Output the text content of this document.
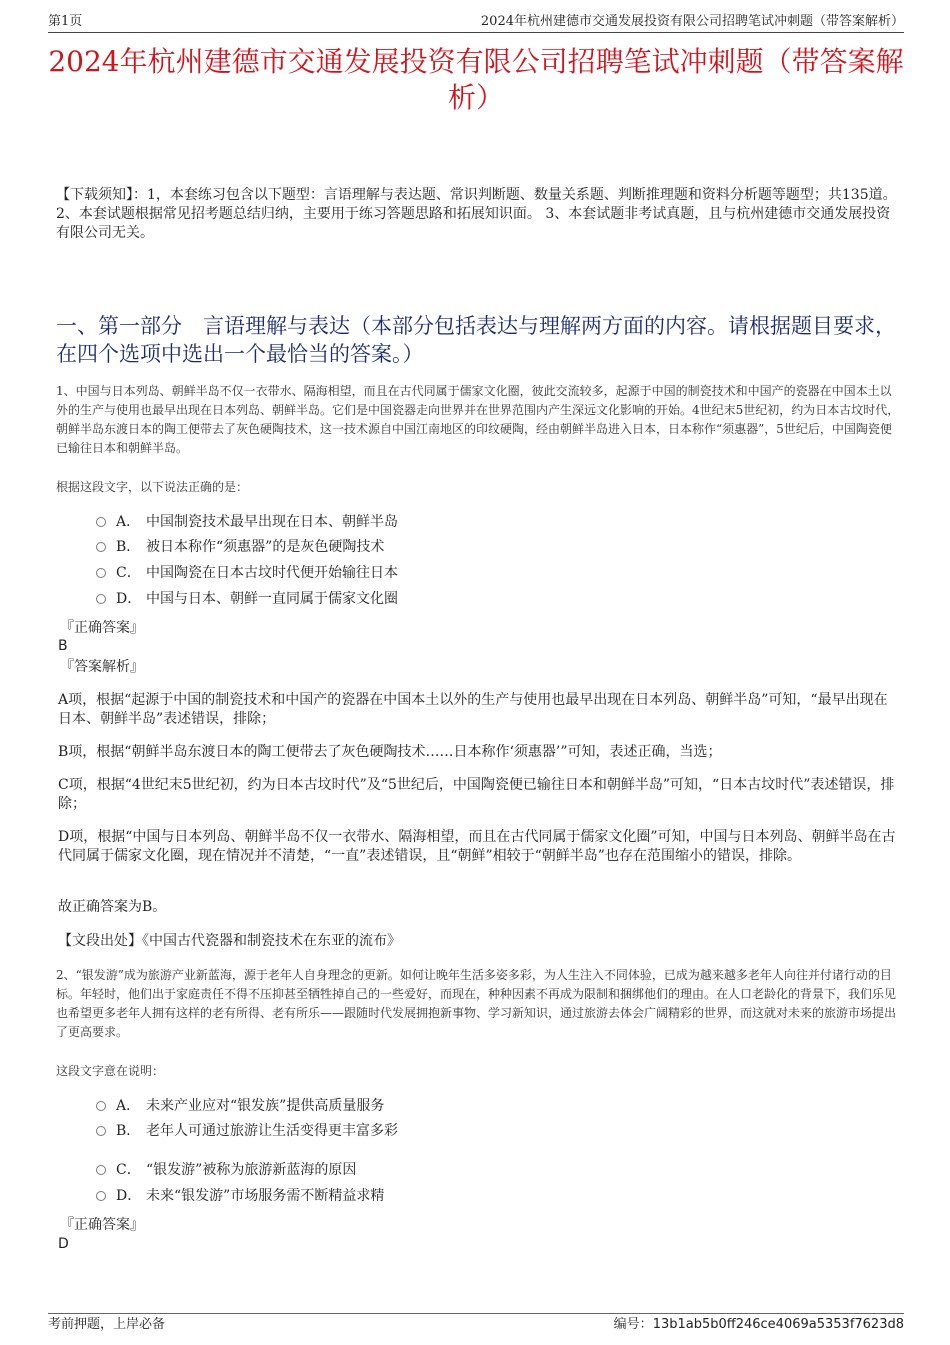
第1页	2024年杭州建德市交通发展投资有限公司招聘笔试冲刺题（带答案解析）
2024年杭州建德市交通发展投资有限公司招聘笔试冲刺题（带答案解析）
【下载须知】：1，本套练习包含以下题型：言语理解与表达题、常识判断题、数量关系题、判断推理题和资料分析题等题型；共135道。 2、本套试题根据常见招考题总结归纳，主要用于练习答题思路和拓展知识面。 3、本套试题非考试真题，且与杭州建德市交通发展投资有限公司无关。
一、第一部分　言语理解与表达（本部分包括表达与理解两方面的内容。请根据题目要求，在四个选项中选出一个最恰当的答案。）
1、中国与日本列岛、朝鲜半岛不仅一衣带水、隔海相望，而且在古代同属于儒家文化圈，彼此交流较多，起源于中国的制瓷技术和中国产的瓷器在中国本土以外的生产与使用也最早出现在日本列岛、朝鲜半岛。它们是中国瓷器走向世界并在世界范围内产生深远文化影响的开始。4世纪末5世纪初，约为日本古坟时代，朝鲜半岛东渡日本的陶工便带去了灰色硬陶技术，这一技术源自中国江南地区的印纹硬陶，经由朝鲜半岛进入日本，日本称作“须惠器”，5世纪后，中国陶瓷便已输往日本和朝鲜半岛。
根据这段文字，以下说法正确的是：
A． 中国制瓷技术最早出现在日本、朝鲜半岛
B． 被日本称作“须惠器”的是灰色硬陶技术
C． 中国陶瓷在日本古坟时代便开始输往日本
D． 中国与日本、朝鲜一直同属于儒家文化圈
『正确答案』
B
『答案解析』
A项，根据“起源于中国的制瓷技术和中国产的瓷器在中国本土以外的生产与使用也最早出现在日本列岛、朝鲜半岛”可知，“最早出现在日本、朝鲜半岛”表述错误，排除；
B项，根据“朝鲜半岛东渡日本的陶工便带去了灰色硬陶技术……日本称作‘须惠器’”可知，表述正确，当选；
C项，根据“4世纪末5世纪初，约为日本古坟时代”及“5世纪后，中国陶瓷便已输往日本和朝鲜半岛”可知，“日本古坟时代”表述错误，排除；
D项，根据“中国与日本列岛、朝鲜半岛不仅一衣带水、隔海相望，而且在古代同属于儒家文化圈”可知，中国与日本列岛、朝鲜半岛在古代同属于儒家文化圈，现在情况并不清楚，“一直”表述错误，且“朝鲜”相较于“朝鲜半岛”也存在范围缩小的错误，排除。
故正确答案为B。
【文段出处】《中国古代瓷器和制瓷技术在东亚的流布》
2、“银发游”成为旅游产业新蓝海，源于老年人自身理念的更新。如何让晚年生活多姿多彩，为人生注入不同体验，已成为越来越多老年人向往并付诸行动的目标。年轻时，他们出于家庭责任不得不压抑甚至牺牲掉自己的一些爱好，而现在，种种因素不再成为限制和捆绑他们的理由。在人口老龄化的背景下，我们乐见也希望更多老年人拥有这样的老有所得、老有所乐——跟随时代发展拥抱新事物、学习新知识，通过旅游去体会广阔精彩的世界，而这就对未来的旅游市场提出了更高要求。
这段文字意在说明：
A． 未来产业应对“银发族”提供高质量服务
B． 老年人可通过旅游让生活变得更丰富多彩
C． “银发游”被称为旅游新蓝海的原因
D． 未来“银发游”市场服务需不断精益求精
『正确答案』
D
考前押题，上岸必备	编号：13b1ab5b0ff246ce4069a5353f7623d8
